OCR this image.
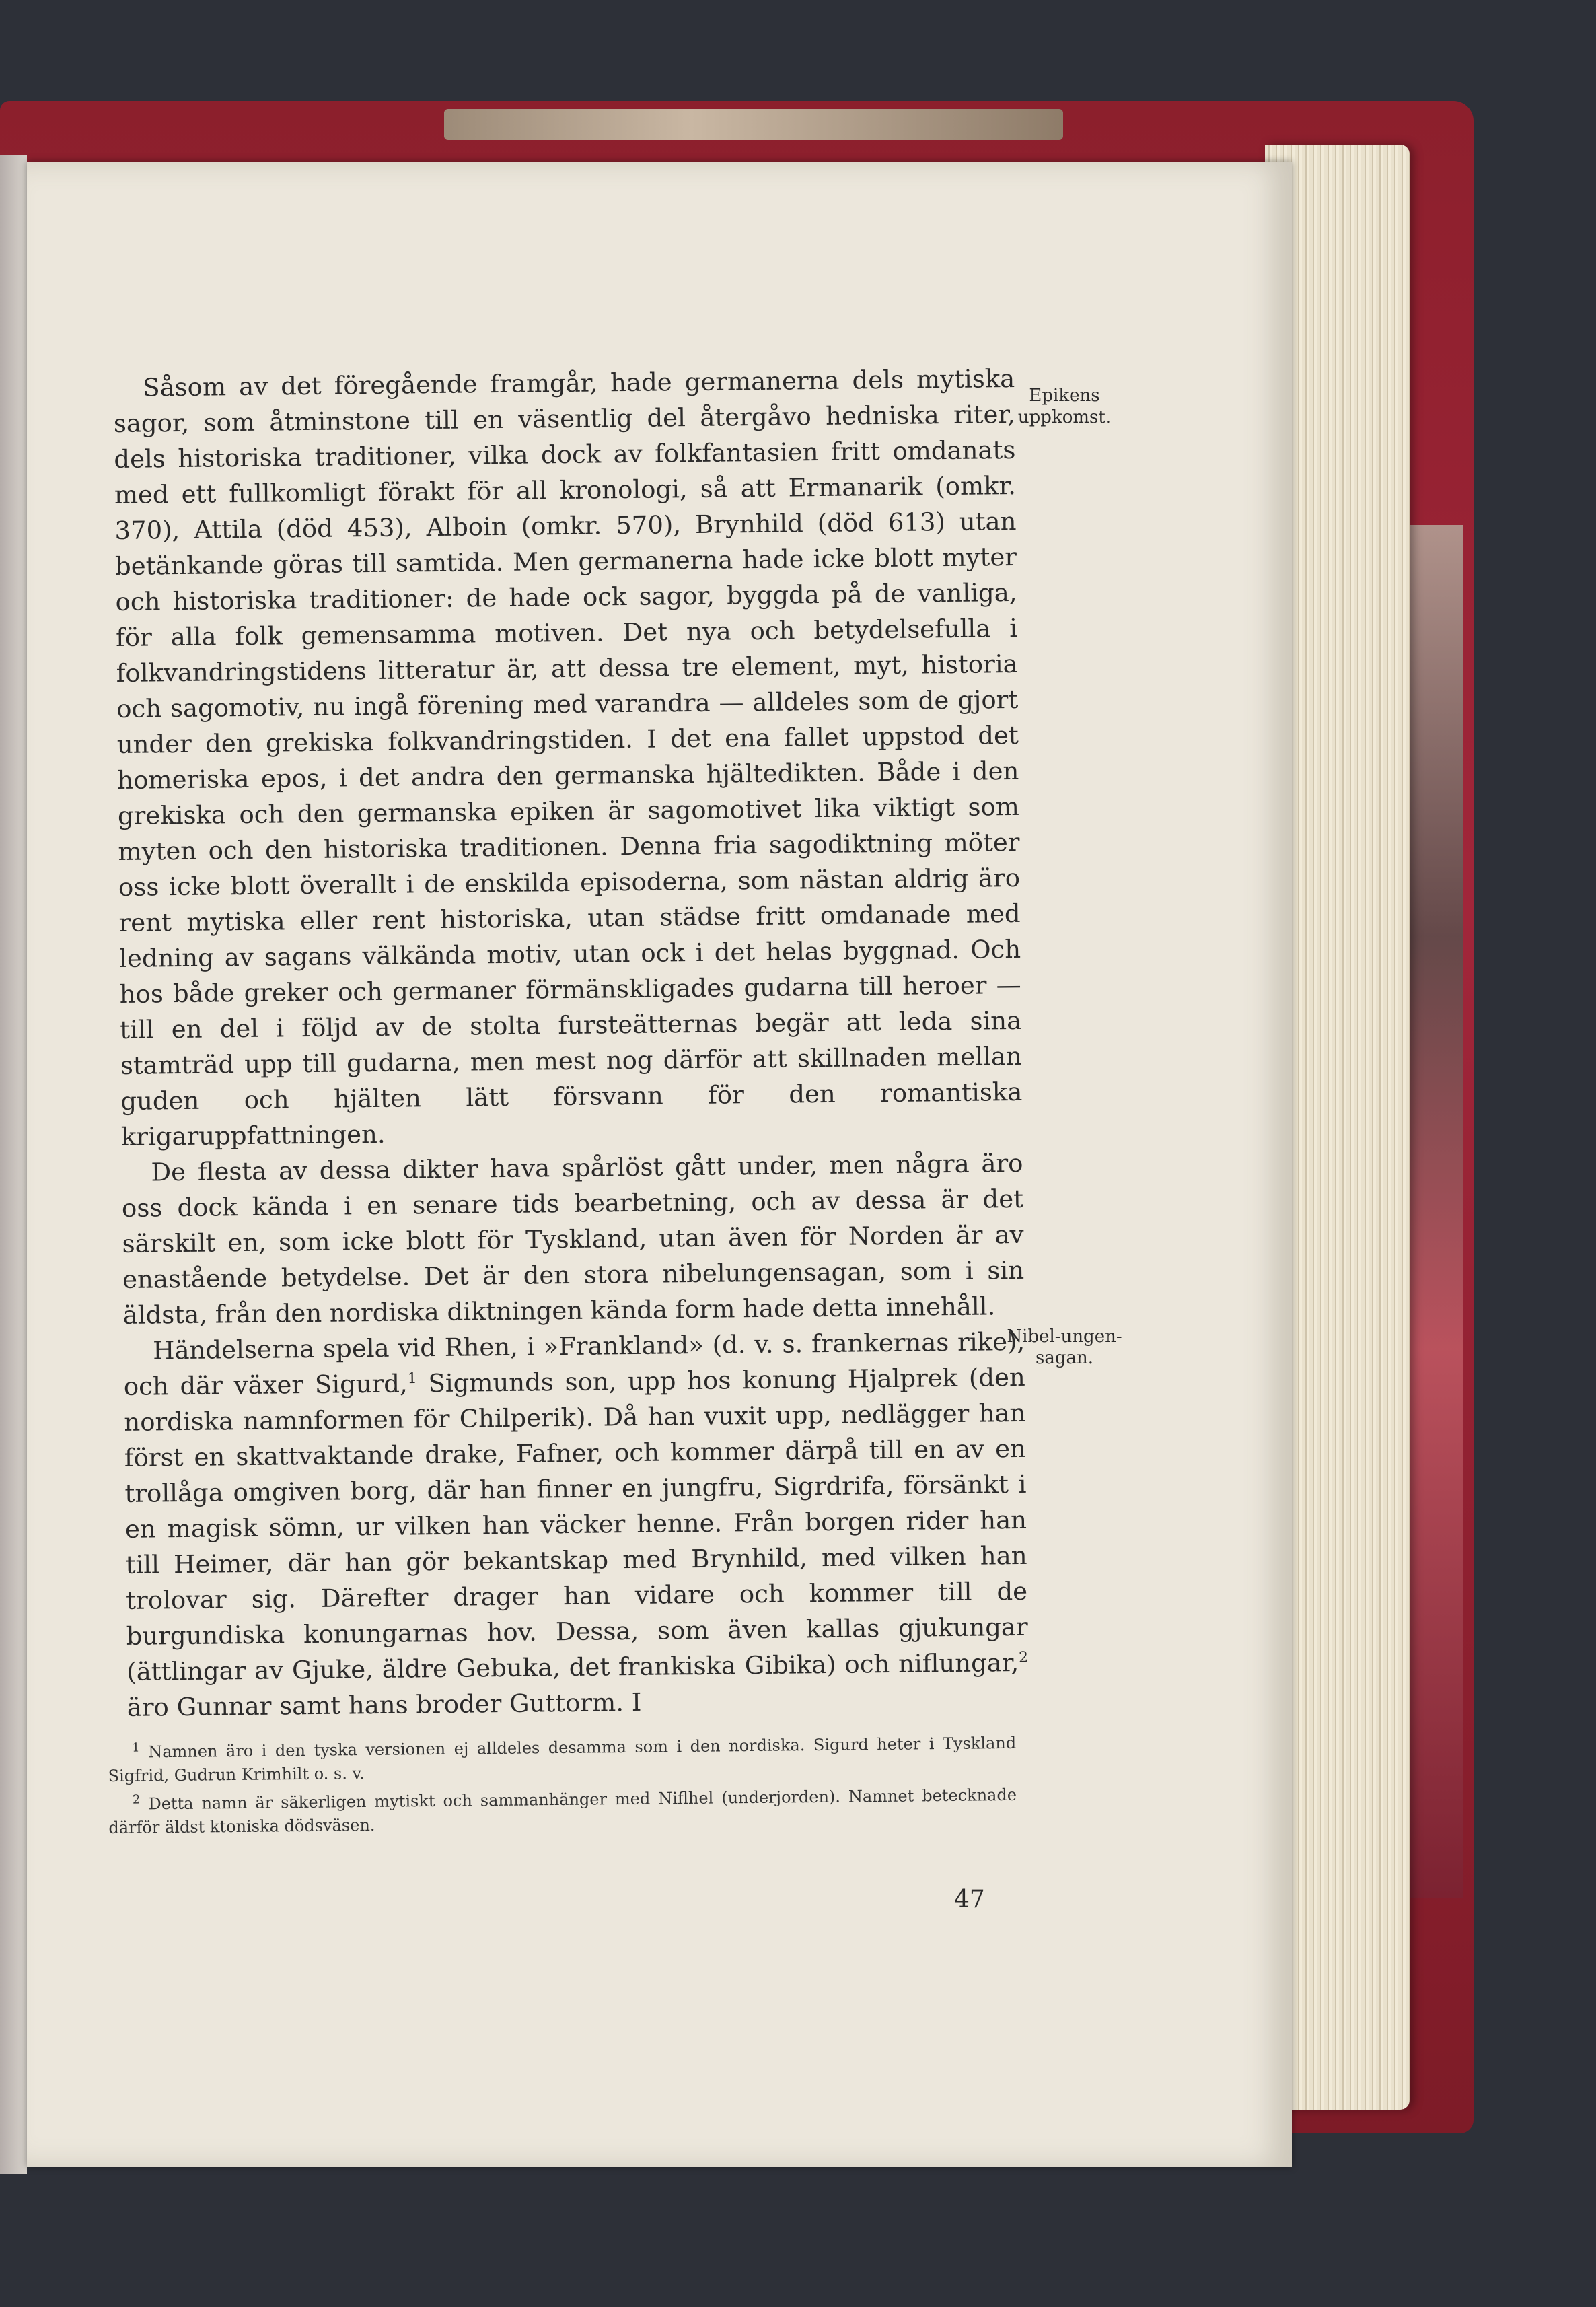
Såsom av det föregående framgår, hade germanerna dels mytiska sagor, som åtminstone till en väsentlig del återgåvo hedniska riter, dels historiska traditioner, vilka dock av folkfantasien fritt omdanats med ett fullkomligt förakt för all kronologi, så att Ermanarik (omkr. 370), Attila (död 453), Alboin (omkr. 570), Brynhild (död 613) utan betänkande göras till samtida. Men germanerna hade icke blott myter och historiska traditioner: de hade ock sagor, byggda på de vanliga, för alla folk gemensamma motiven. Det nya och betydelsefulla i folkvandringstidens litteratur är, att dessa tre element, myt, historia och sagomotiv, nu ingå förening med varandra — alldeles som de gjort under den grekiska folkvandringstiden. I det ena fallet uppstod det homeriska epos, i det andra den germanska hjältedikten. Både i den grekiska och den germanska epiken är sagomotivet lika viktigt som myten och den historiska traditionen. Denna fria sagodiktning möter oss icke blott överallt i de enskilda episoderna, som nästan aldrig äro rent mytiska eller rent historiska, utan städse fritt omdanade med ledning av sagans välkända motiv, utan ock i det helas byggnad. Och hos både greker och germaner förmänskligades gudarna till heroer — till en del i följd av de stolta fursteätternas begär att leda sina stamträd upp till gudarna, men mest nog därför att skillnaden mellan guden och hjälten lätt försvann för den romantiska krigaruppfattningen.

De flesta av dessa dikter hava spårlöst gått under, men några äro oss dock kända i en senare tids bearbetning, och av dessa är det särskilt en, som icke blott för Tyskland, utan även för Norden är av enastående betydelse. Det är den stora nibelungensagan, som i sin äldsta, från den nordiska diktningen kända form hade detta innehåll.

Händelserna spela vid Rhen, i »Frankland» (d. v. s. frankernas rike), och där växer Sigurd,$^1$ Sigmunds son, upp hos konung Hjalprek (den nordiska namnformen för Chilperik). Då han vuxit upp, nedlägger han först en skattvaktande drake, Fafner, och kommer därpå till en av en trollåga omgiven borg, där han finner en jungfru, Sigrdrifa, försänkt i en magisk sömn, ur vilken han väcker henne. Från borgen rider han till Heimer, där han gör bekantskap med Brynhild, med vilken han trolovar sig. Därefter drager han vidare och kommer till de burgundiska konungarnas hov. Dessa, som även kallas gjukungar (ättlingar av Gjuke, äldre Gebuka, det frankiska Gibika) och niflungar,$^2$ äro Gunnar samt hans broder Guttorm. I

Epikens uppkomst.
Nibel-ungen-sagan.

$^1$ Namnen äro i den tyska versionen ej alldeles desamma som i den nordiska. Sigurd heter i Tyskland Sigfrid, Gudrun Krimhilt o. s. v.

$^2$ Detta namn är säkerligen mytiskt och sammanhänger med Niflhel (underjorden). Namnet betecknade därför äldst ktoniska dödsväsen.

47
